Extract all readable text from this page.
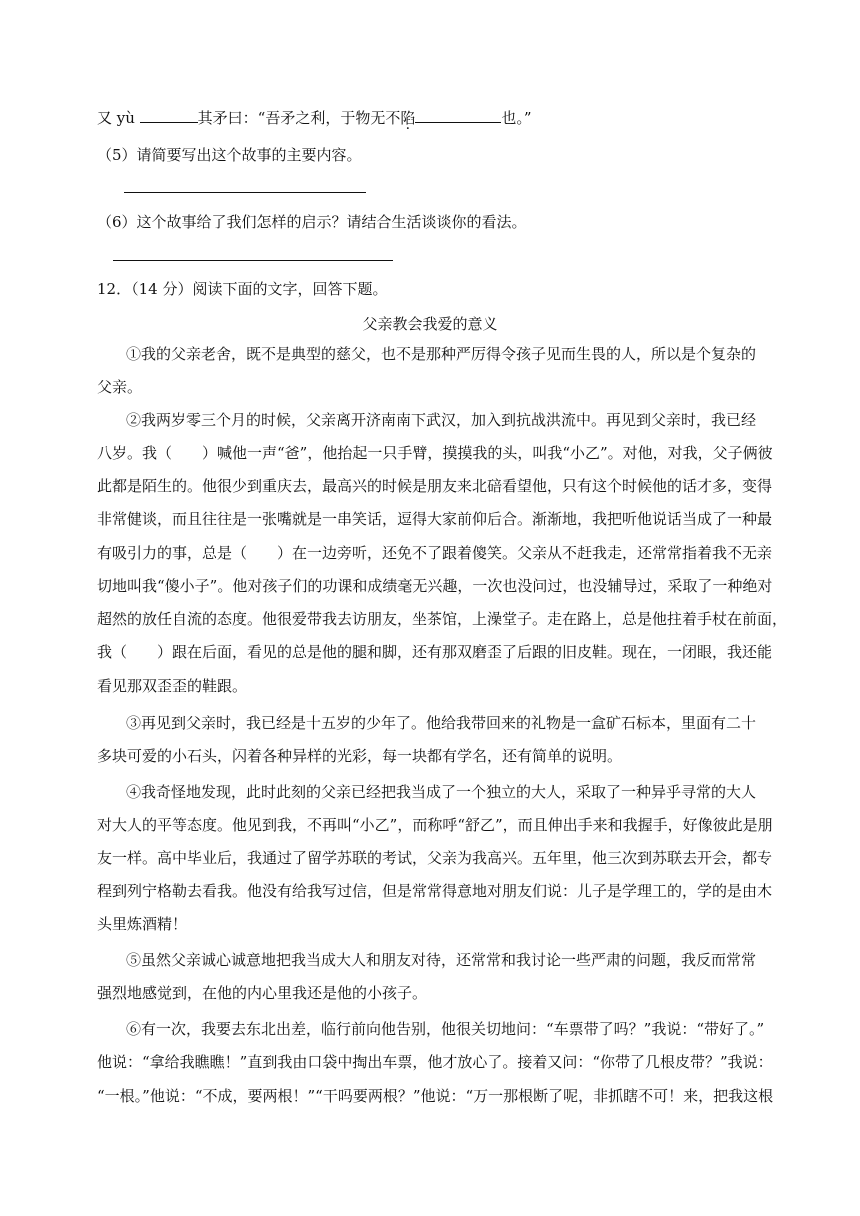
又 yù	其矛曰：“吾矛之利，于物无不陷	也。”
（5）请简要写出这个故事的主要内容。
（6）这个故事给了我们怎样的启示？请结合生活谈谈你的看法。
12．（14 分）阅读下面的文字，回答下题。
父亲教会我爱的意义
①我的父亲老舍，既不是典型的慈父，也不是那种严厉得令孩子见而生畏的人，所以是个复杂的
父亲。
②我两岁零三个月的时候，父亲离开济南南下武汉，加入到抗战洪流中。再见到父亲时，我已经
八岁。我（　　）喊他一声“爸”，他抬起一只手臂，摸摸我的头，叫我“小乙”。对他，对我，父子俩彼
此都是陌生的。他很少到重庆去，最高兴的时候是朋友来北碚看望他，只有这个时候他的话才多，变得
非常健谈，而且往往是一张嘴就是一串笑话，逗得大家前仰后合。渐渐地，我把听他说话当成了一种最
有吸引力的事，总是（　　）在一边旁听，还免不了跟着傻笑。父亲从不赶我走，还常常指着我不无亲
切地叫我“傻小子”。他对孩子们的功课和成绩毫无兴趣，一次也没问过，也没辅导过，采取了一种绝对
超然的放任自流的态度。他很爱带我去访朋友，坐茶馆，上澡堂子。走在路上，总是他拄着手杖在前面，
我（　　）跟在后面，看见的总是他的腿和脚，还有那双磨歪了后跟的旧皮鞋。现在，一闭眼，我还能
看见那双歪歪的鞋跟。
③再见到父亲时，我已经是十五岁的少年了。他给我带回来的礼物是一盒矿石标本，里面有二十
多块可爱的小石头，闪着各种异样的光彩，每一块都有学名，还有简单的说明。
④我奇怪地发现，此时此刻的父亲已经把我当成了一个独立的大人，采取了一种异乎寻常的大人
对大人的平等态度。他见到我，不再叫“小乙”，而称呼“舒乙”，而且伸出手来和我握手，好像彼此是朋
友一样。高中毕业后，我通过了留学苏联的考试，父亲为我高兴。五年里，他三次到苏联去开会，都专
程到列宁格勒去看我。他没有给我写过信，但是常常得意地对朋友们说：儿子是学理工的，学的是由木
头里炼酒精！
⑤虽然父亲诚心诚意地把我当成大人和朋友对待，还常常和我讨论一些严肃的问题，我反而常常
强烈地感觉到，在他的内心里我还是他的小孩子。
⑥有一次，我要去东北出差，临行前向他告别，他很关切地问：“车票带了吗？”我说：“带好了。”
他说：“拿给我瞧瞧！”直到我由口袋中掏出车票，他才放心了。接着又问：“你带了几根皮带？”我说：
“一根。”他说：“不成，要两根！”“干吗要两根？”他说：“万一那根断了呢，非抓瞎不可！来，把我这根
